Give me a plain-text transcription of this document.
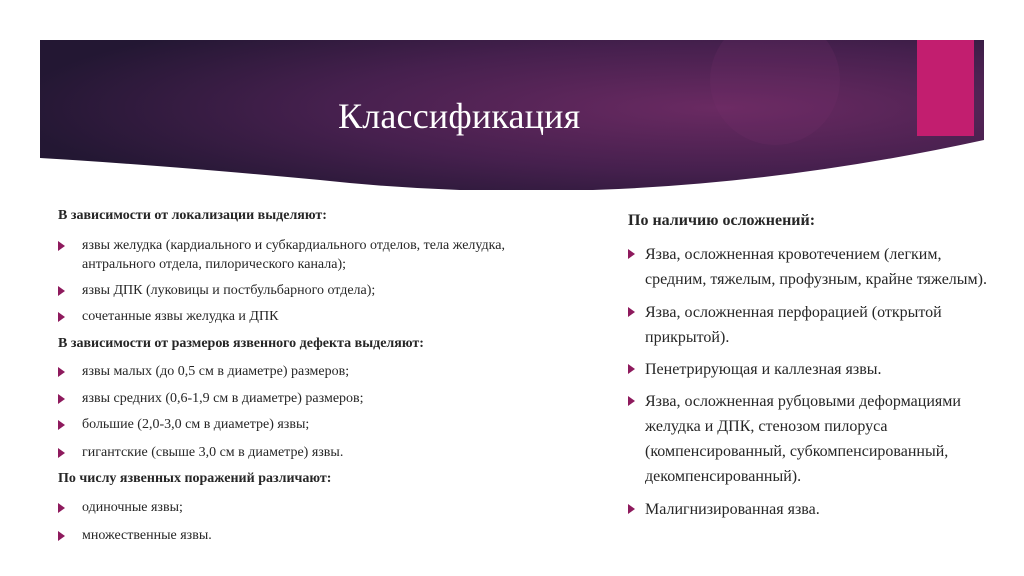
Классификация
В зависимости от локализации выделяют:
язвы желудка (кардиального и субкардиального отделов, тела желудка,
антрального отдела, пилорического канала);
язвы ДПК (луковицы и постбульбарного отдела);
сочетанные язвы желудка и ДПК
В зависимости от размеров язвенного дефекта выделяют:
язвы малых (до 0,5 см в диаметре) размеров;
язвы средних (0,6-1,9 см в диаметре) размеров;
большие (2,0-3,0 см в диаметре) язвы;
гигантские (свыше 3,0 см в диаметре) язвы.
По числу язвенных поражений различают:
одиночные язвы;
множественные язвы.
По наличию осложнений:
Язва, осложненная кровотечением (легким,
средним, тяжелым, профузным, крайне тяжелым).
Язва, осложненная перфорацией (открытой
прикрытой).
Пенетрирующая и каллезная язвы.
Язва, осложненная рубцовыми деформациями
желудка и ДПК, стенозом пилоруса
(компенсированный, субкомпенсированный,
декомпенсированный).
Малигнизированная язва.
